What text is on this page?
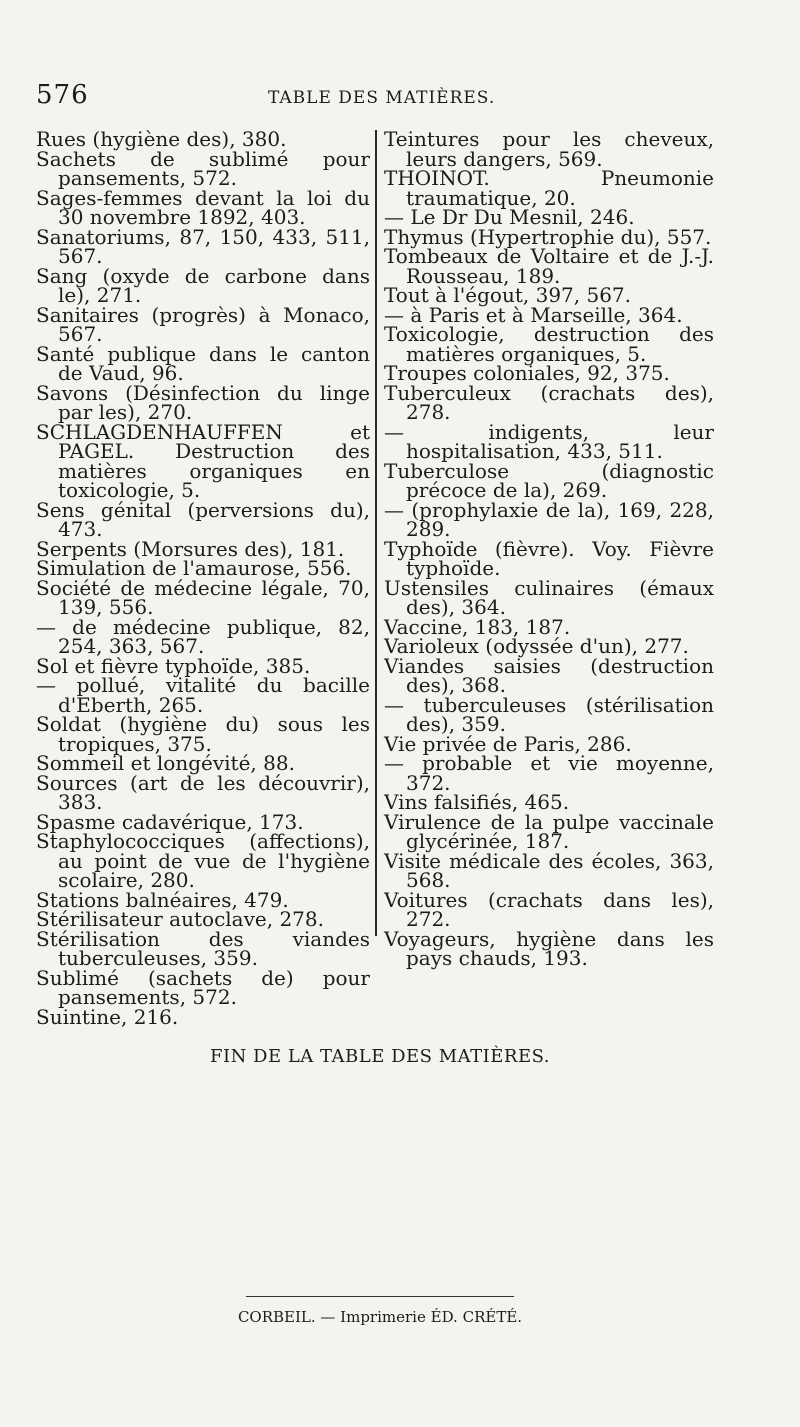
576	TABLE DES MATIÈRES.
Rues (hygiène des), 380.
Sachets de sublimé pour pansements, 572.
Sages-femmes devant la loi du 30 novembre 1892, 403.
Sanatoriums, 87, 150, 433, 511, 567.
Sang (oxyde de carbone dans le), 271.
Sanitaires (progrès) à Monaco, 567.
Santé publique dans le canton de Vaud, 96.
Savons (Désinfection du linge par les), 270.
SCHLAGDENHAUFFEN et PAGEL. Destruction des matières organiques en toxicologie, 5.
Sens génital (perversions du), 473.
Serpents (Morsures des), 181.
Simulation de l'amaurose, 556.
Société de médecine légale, 70, 139, 556.
— de médecine publique, 82, 254, 363, 567.
Sol et fièvre typhoïde, 385.
— pollué, vitalité du bacille d'Eberth, 265.
Soldat (hygiène du) sous les tropiques, 375.
Sommeil et longévité, 88.
Sources (art de les découvrir), 383.
Spasme cadavérique, 173.
Staphylococciques (affections), au point de vue de l'hygiène scolaire, 280.
Stations balnéaires, 479.
Stérilisateur autoclave, 278.
Stérilisation des viandes tuberculeuses, 359.
Sublimé (sachets de) pour pansements, 572.
Suintine, 216.
Teintures pour les cheveux, leurs dangers, 569.
THOINOT. Pneumonie traumatique, 20.
— Le Dr Du Mesnil, 246.
Thymus (Hypertrophie du), 557.
Tombeaux de Voltaire et de J.-J. Rousseau, 189.
Tout à l'égout, 397, 567.
— à Paris et à Marseille, 364.
Toxicologie, destruction des matières organiques, 5.
Troupes coloniales, 92, 375.
Tuberculeux (crachats des), 278.
— indigents, leur hospitalisation, 433, 511.
Tuberculose (diagnostic précoce de la), 269.
— (prophylaxie de la), 169, 228, 289.
Typhoïde (fièvre). Voy. Fièvre typhoïde.
Ustensiles culinaires (émaux des), 364.
Vaccine, 183, 187.
Varioleux (odyssée d'un), 277.
Viandes saisies (destruction des), 368.
— tuberculeuses (stérilisation des), 359.
Vie privée de Paris, 286.
— probable et vie moyenne, 372.
Vins falsifiés, 465.
Virulence de la pulpe vaccinale glycérinée, 187.
Visite médicale des écoles, 363, 568.
Voitures (crachats dans les), 272.
Voyageurs, hygiène dans les pays chauds, 193.
FIN DE LA TABLE DES MATIÈRES.
CORBEIL. — Imprimerie ÉD. CRÉTÉ.
